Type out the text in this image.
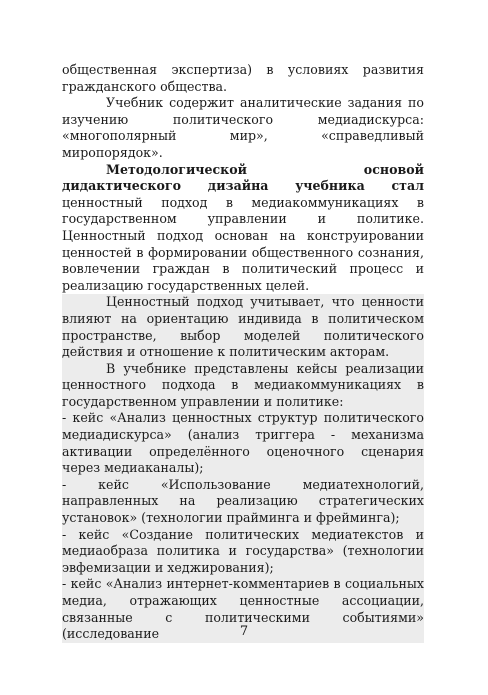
общественная экспертиза) в условиях развития гражданского общества.

Учебник содержит аналитические задания по изучению политического медиадискурса: «многополярный мир», «справедливый миропорядок».

Методологической основой дидактического дизайна учебника стал ценностный подход в медиакоммуникациях в государственном управлении и политике. Ценностный подход основан на конструировании ценностей в формировании общественного сознания, вовлечении граждан в политический процесс и реализацию государственных целей.

Ценностный подход учитывает, что ценности влияют на ориентацию индивида в политическом пространстве, выбор моделей политического действия и отношение к политическим акторам.

В учебнике представлены кейсы реализации ценностного подхода в медиакоммуникациях в государственном управлении и политике:

- кейс «Анализ ценностных структур политического медиадискурса» (анализ триггера - механизма активации определённого оценочного сценария через медиаканалы);

- кейс «Использование медиатехнологий, направленных на реализацию стратегических установок» (технологии прайминга и фрейминга);

- кейс «Создание политических медиатекстов и медиаобраза политика и государства» (технологии эвфемизации и хеджирования);

- кейс «Анализ интернет-комментариев в социальных медиа, отражающих ценностные ассоциации, связанные с политическими событиями» (исследование	7
